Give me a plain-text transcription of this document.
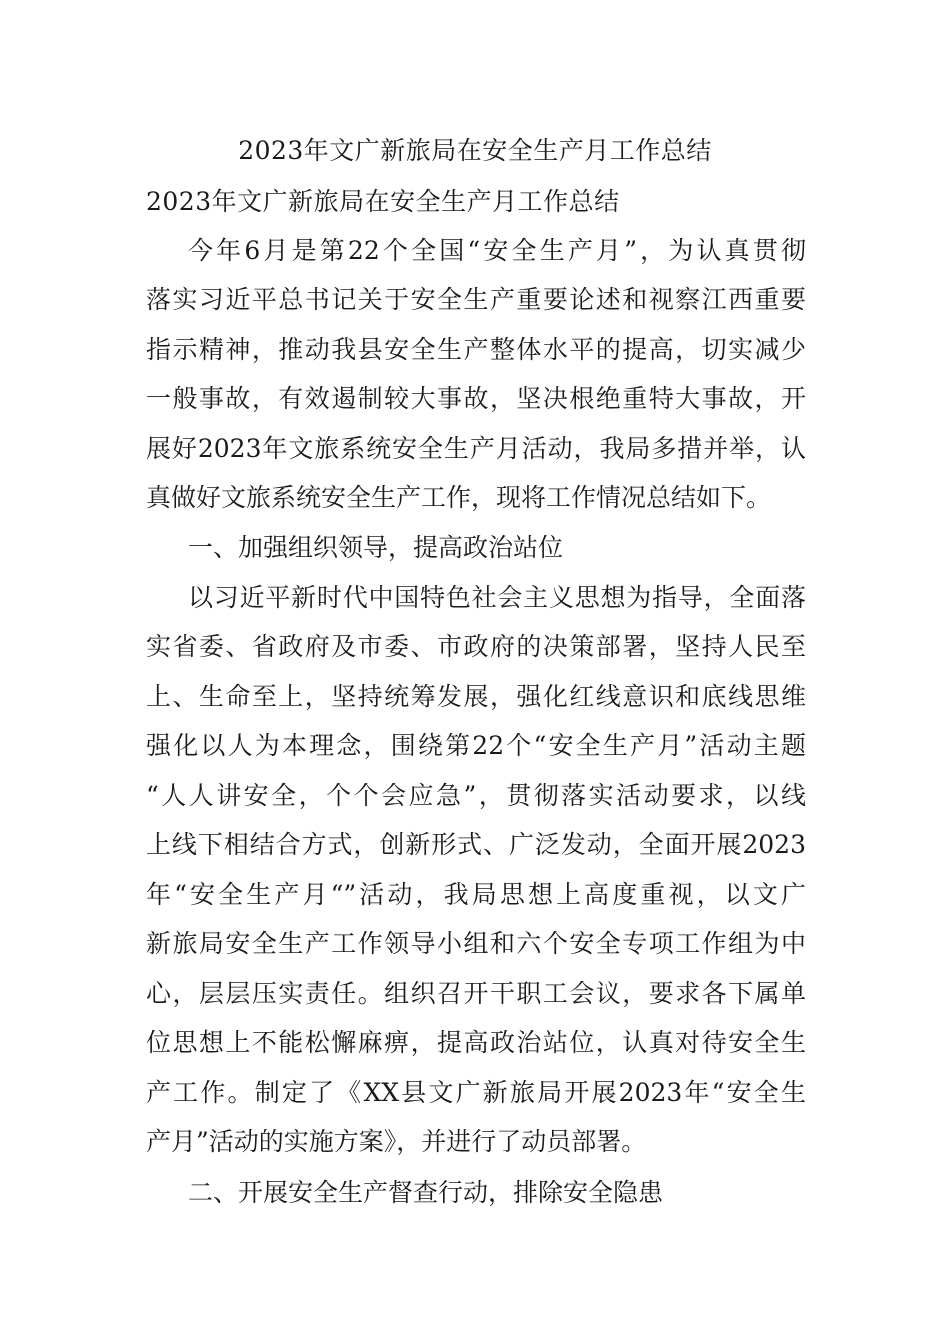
2023年文广新旅局在安全生产月工作总结
2023年文广新旅局在安全生产月工作总结
今年6月是第22个全国“安全生产月”，为认真贯彻
落实习近平总书记关于安全生产重要论述和视察江西重要
指示精神，推动我县安全生产整体水平的提高，切实减少
一般事故，有效遏制较大事故，坚决根绝重特大事故，开
展好2023年文旅系统安全生产月活动，我局多措并举，认
真做好文旅系统安全生产工作，现将工作情况总结如下。
一、加强组织领导，提高政治站位
以习近平新时代中国特色社会主义思想为指导，全面落
实省委、省政府及市委、市政府的决策部署，坚持人民至
上、生命至上，坚持统筹发展，强化红线意识和底线思维
强化以人为本理念，围绕第22个“安全生产月”活动主题
“人人讲安全，个个会应急”，贯彻落实活动要求，以线
上线下相结合方式，创新形式、广泛发动，全面开展2023
年“安全生产月“”活动，我局思想上高度重视，以文广
新旅局安全生产工作领导小组和六个安全专项工作组为中
心，层层压实责任。组织召开干职工会议，要求各下属单
位思想上不能松懈麻痹，提高政治站位，认真对待安全生
产工作。制定了《XX县文广新旅局开展2023年“安全生
产月”活动的实施方案》，并进行了动员部署。
二、开展安全生产督查行动，排除安全隐患
